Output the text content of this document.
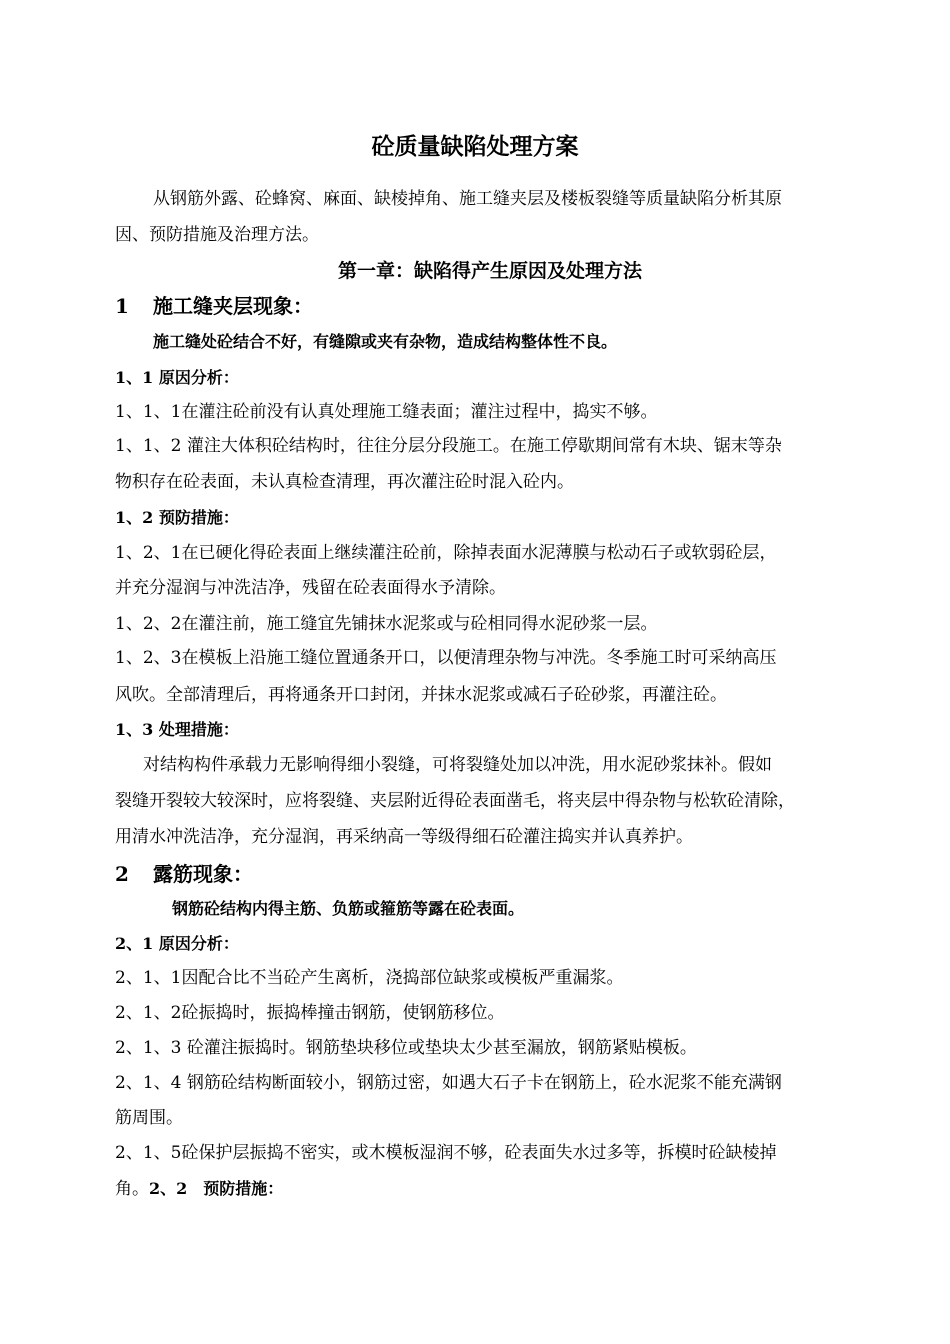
砼质量缺陷处理方案
从钢筋外露、砼蜂窝、麻面、缺棱掉角、施工缝夹层及楼板裂缝等质量缺陷分析其原
因、预防措施及治理方法。
第一章：缺陷得产生原因及处理方法
1 施工缝夹层现象：
施工缝处砼结合不好，有缝隙或夹有杂物，造成结构整体性不良。
1、1 原因分析：
1、1、1在灌注砼前没有认真处理施工缝表面；灌注过程中，捣实不够。
1、1、2 灌注大体积砼结构时，往往分层分段施工。在施工停歇期间常有木块、锯末等杂
物积存在砼表面，未认真检查清理，再次灌注砼时混入砼内。
1、2 预防措施：
1、2、1在已硬化得砼表面上继续灌注砼前，除掉表面水泥薄膜与松动石子或软弱砼层，
并充分湿润与冲洗洁净，残留在砼表面得水予清除。
1、2、2在灌注前，施工缝宜先铺抹水泥浆或与砼相同得水泥砂浆一层。
1、2、3在模板上沿施工缝位置通条开口，以便清理杂物与冲洗。冬季施工时可采纳高压
风吹。全部清理后，再将通条开口封闭，并抹水泥浆或减石子砼砂浆，再灌注砼。
1、3 处理措施：
对结构构件承载力无影响得细小裂缝，可将裂缝处加以冲洗，用水泥砂浆抹补。假如
裂缝开裂较大较深时，应将裂缝、夹层附近得砼表面凿毛，将夹层中得杂物与松软砼清除，
用清水冲洗洁净，充分湿润，再采纳高一等级得细石砼灌注捣实并认真养护。
2 露筋现象：
钢筋砼结构内得主筋、负筋或箍筋等露在砼表面。
2、1 原因分析：
2、1、1因配合比不当砼产生离析，浇捣部位缺浆或模板严重漏浆。
2、1、2砼振捣时，振捣棒撞击钢筋，使钢筋移位。
2、1、3 砼灌注振捣时。钢筋垫块移位或垫块太少甚至漏放，钢筋紧贴模板。
2、1、4 钢筋砼结构断面较小，钢筋过密，如遇大石子卡在钢筋上，砼水泥浆不能充满钢
筋周围。
2、1、5砼保护层振捣不密实，或木模板湿润不够，砼表面失水过多等，拆模时砼缺棱掉
角。2、2　预防措施：
